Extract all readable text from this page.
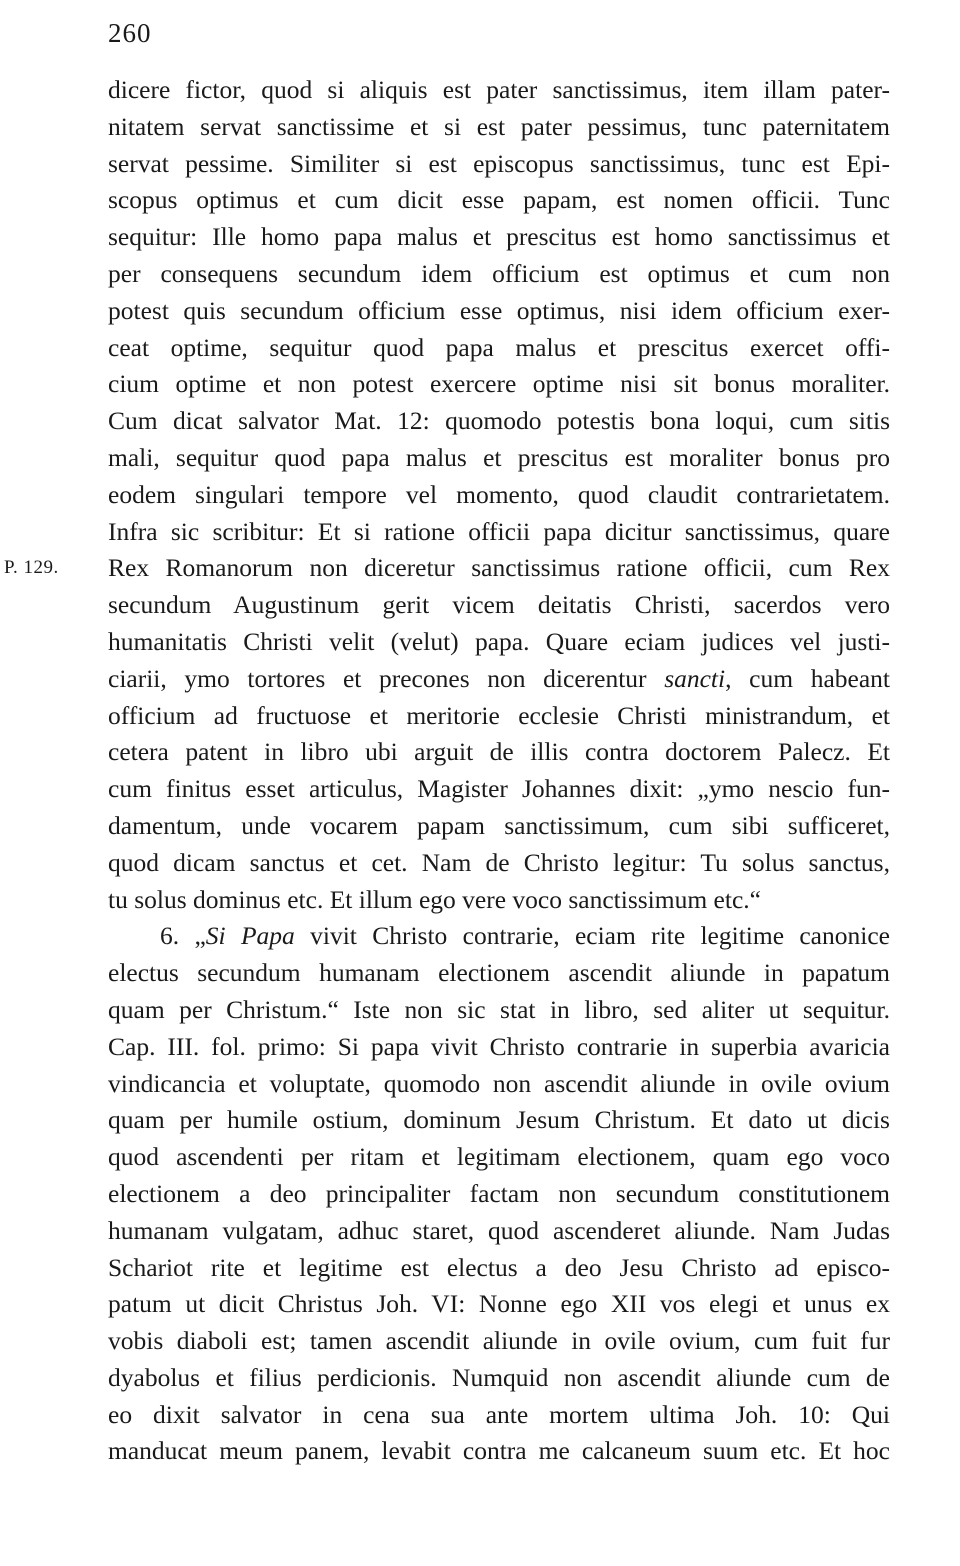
260
dicere fictor, quod si aliquis est pater sanctissimus, item illam pater-
nitatem servat sanctissime et si est pater pessimus, tunc paternitatem
servat pessime. Similiter si est episcopus sanctissimus, tunc est Epi-
scopus optimus et cum dicit esse papam, est nomen officii. Tunc
sequitur: Ille homo papa malus et prescitus est homo sanctissimus et
per consequens secundum idem officium est optimus et cum non
potest quis secundum officium esse optimus, nisi idem officium exer-
ceat optime, sequitur quod papa malus et prescitus exercet offi-
cium optime et non potest exercere optime nisi sit bonus moraliter.
Cum dicat salvator Mat. 12: quomodo potestis bona loqui, cum sitis
mali, sequitur quod papa malus et prescitus est moraliter bonus pro
eodem singulari tempore vel momento, quod claudit contrarietatem.
Infra sic scribitur: Et si ratione officii papa dicitur sanctissimus, quare
P. 129. Rex Romanorum non diceretur sanctissimus ratione officii, cum Rex
secundum Augustinum gerit vicem deitatis Christi, sacerdos vero
humanitatis Christi velit (velut) papa. Quare eciam judices vel justi-
ciarii, ymo tortores et precones non dicerentur sancti, cum habeant
officium ad fructuose et meritorie ecclesie Christi ministrandum, et
cetera patent in libro ubi arguit de illis contra doctorem Palecz. Et
cum finitus esset articulus, Magister Johannes dixit: „ymo nescio fun-
damentum, unde vocarem papam sanctissimum, cum sibi sufficeret,
quod dicam sanctus et cet. Nam de Christo legitur: Tu solus sanctus,
tu solus dominus etc. Et illum ego vere voco sanctissimum etc.“
6. „Si Papa vivit Christo contrarie, eciam rite legitime canonice
electus secundum humanam electionem ascendit aliunde in papatum
quam per Christum.“ Iste non sic stat in libro, sed aliter ut sequitur.
Cap. III. fol. primo: Si papa vivit Christo contrarie in superbia avaricia
vindicancia et voluptate, quomodo non ascendit aliunde in ovile ovium
quam per humile ostium, dominum Jesum Christum. Et dato ut dicis
quod ascendenti per ritam et legitimam electionem, quam ego voco
electionem a deo principaliter factam non secundum constitutionem
humanam vulgatam, adhuc staret, quod ascenderet aliunde. Nam Judas
Schariot rite et legitime est electus a deo Jesu Christo ad episco-
patum ut dicit Christus Joh. VI: Nonne ego XII vos elegi et unus ex
vobis diaboli est; tamen ascendit aliunde in ovile ovium, cum fuit fur
dyabolus et filius perdicionis. Numquid non ascendit aliunde cum de
eo dixit salvator in cena sua ante mortem ultima Joh. 10: Qui
manducat meum panem, levabit contra me calcaneum suum etc. Et hoc
